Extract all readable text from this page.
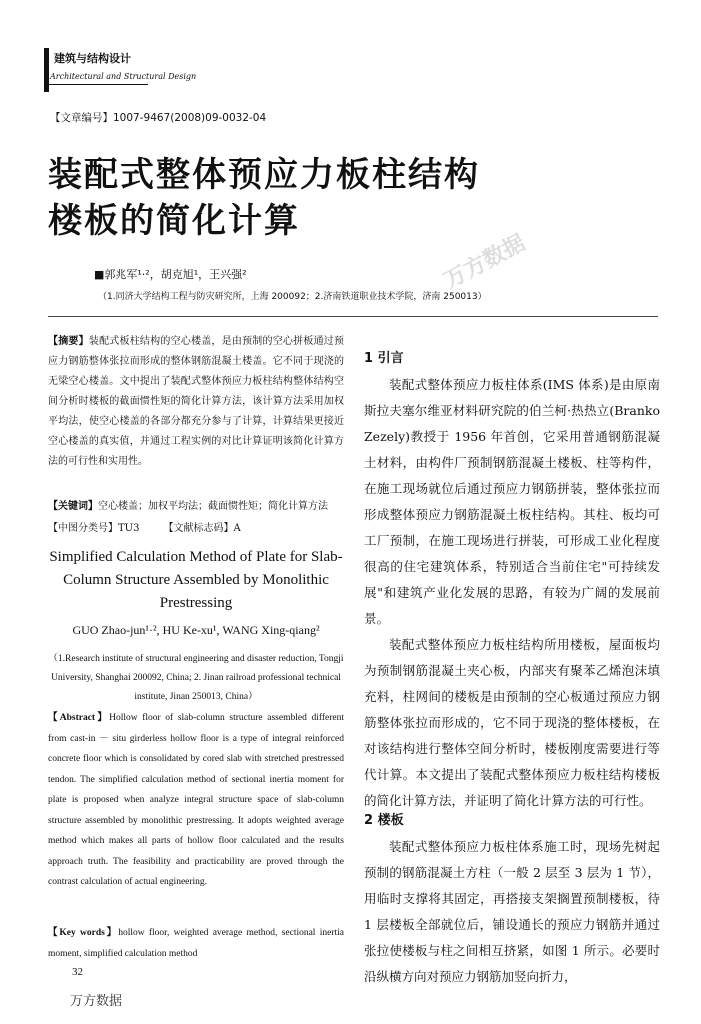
建筑与结构设计
Architectural and Structural Design
【文章编号】1007-9467(2008)09-0032-04
装配式整体预应力板柱结构
楼板的简化计算
万方数据
■郭兆军¹·²，胡克旭¹，王兴强²
（1.同济大学结构工程与防灾研究所，上海 200092；2.济南铁道职业技术学院，济南 250013）
【摘要】装配式板柱结构的空心楼盖，是由预制的空心拼板通过预应力钢筋整体张拉而形成的整体钢筋混凝土楼盖。它不同于现浇的无梁空心楼盖。文中提出了装配式整体预应力板柱结构整体结构空间分析时楼板的截面惯性矩的简化计算方法，该计算方法采用加权平均法，使空心楼盖的各部分都充分参与了计算，计算结果更接近空心楼盖的真实值，并通过工程实例的对比计算证明该简化计算方法的可行性和实用性。
【关键词】空心楼盖；加权平均法；截面惯性矩；简化计算方法
【中图分类号】TU3 【文献标志码】A
Simplified Calculation Method of Plate for Slab-Column Structure Assembled by Monolithic Prestressing
GUO Zhao-jun¹·², HU Ke-xu¹, WANG Xing-qiang²
（1.Research institute of structural engineering and disaster reduction, Tongji University, Shanghai 200092, China; 2. Jinan railroad professional technical institute, Jinan 250013, China）
【Abstract】Hollow floor of slab-column structure assembled different from cast-in － situ girderless hollow floor is a type of integral reinforced concrete floor which is consolidated by cored slab with stretched prestressed tendon. The simplified calculation method of sectional inertia moment for plate is proposed when analyze integral structure space of slab-column structure assembled by monolithic prestressing. It adopts weighted average method which makes all parts of hollow floor calculated and the results approach truth. The feasibility and practicability are proved through the contrast calculation of actual engineering.
【Key words】hollow floor, weighted average method, sectional inertia moment, simplified calculation method
1 引言
装配式整体预应力板柱体系(IMS 体系)是由原南斯拉夫塞尔维亚材料研究院的伯兰柯·热热立(Branko Zezely)教授于 1956 年首创，它采用普通钢筋混凝土材料，由构件厂预制钢筋混凝土楼板、柱等构件，在施工现场就位后通过预应力钢筋拼装，整体张拉而形成整体预应力钢筋混凝土板柱结构。其柱、板均可工厂预制，在施工现场进行拼装，可形成工业化程度很高的住宅建筑体系，特别适合当前住宅"可持续发展"和建筑产业化发展的思路，有较为广阔的发展前景。
装配式整体预应力板柱结构所用楼板，屋面板均为预制钢筋混凝土夹心板，内部夹有聚苯乙烯泡沫填充料，柱网间的楼板是由预制的空心板通过预应力钢筋整体张拉而形成的，它不同于现浇的整体楼板，在对该结构进行整体空间分析时，楼板刚度需要进行等代计算。本文提出了装配式整体预应力板柱结构楼板的简化计算方法，并证明了简化计算方法的可行性。
2 楼板
装配式整体预应力板柱体系施工时，现场先树起预制的钢筋混凝土方柱（一般 2 层至 3 层为 1 节），用临时支撑将其固定，再搭接支架搁置预制楼板，待 1 层楼板全部就位后，铺设通长的预应力钢筋并通过张拉使楼板与柱之间相互挤紧，如图 1 所示。必要时沿纵横方向对预应力钢筋加竖向折力，
32
万方数据
